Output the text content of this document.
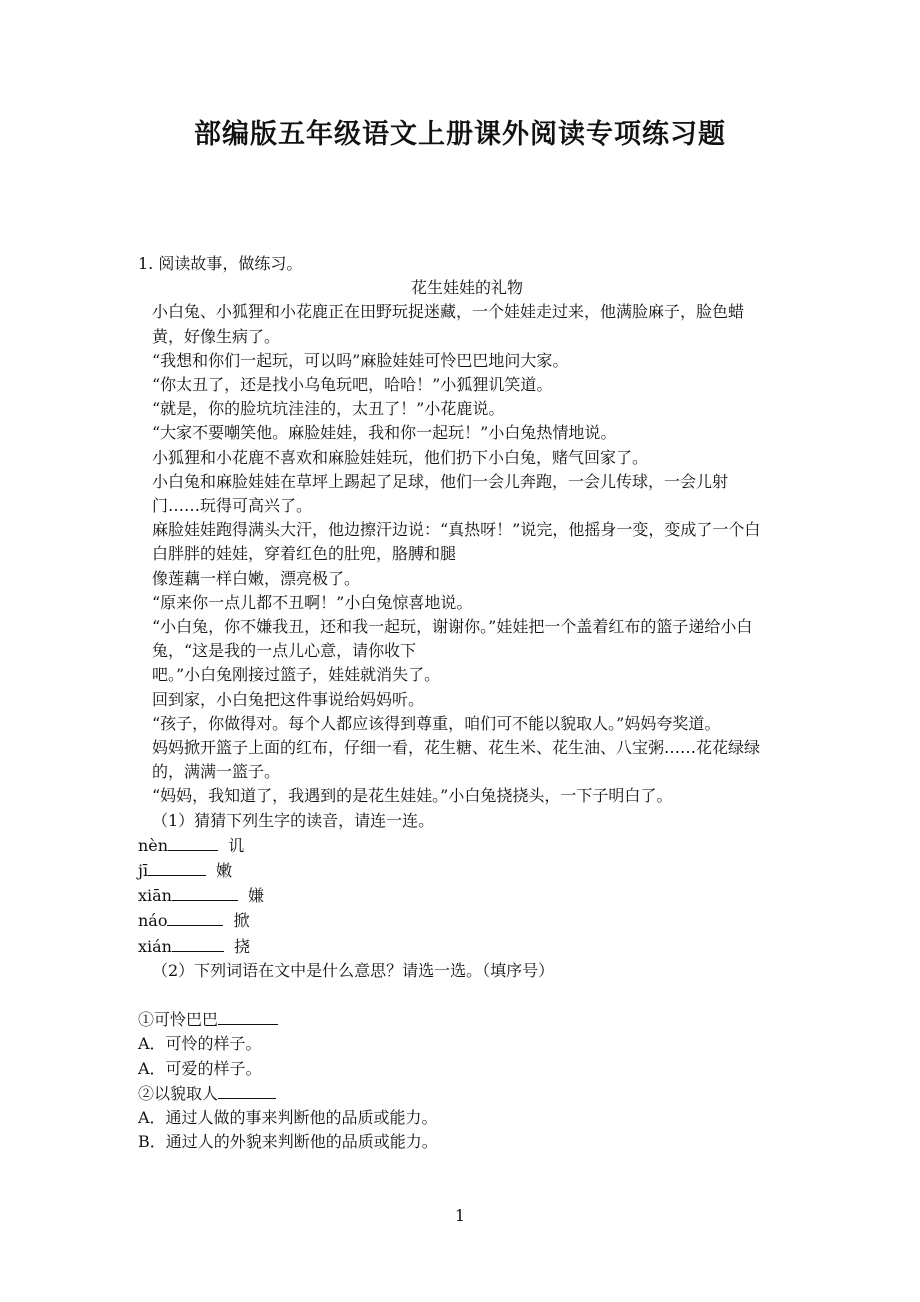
部编版五年级语文上册课外阅读专项练习题

1. 阅读故事，做练习。

花生娃娃的礼物

小白兔、小狐狸和小花鹿正在田野玩捉迷藏，一个娃娃走过来，他满脸麻子，脸色蜡黄，好像生病了。

“我想和你们一起玩，可以吗”麻脸娃娃可怜巴巴地问大家。

“你太丑了，还是找小乌龟玩吧，哈哈！”小狐狸讥笑道。

“就是，你的脸坑坑洼洼的，太丑了！”小花鹿说。

“大家不要嘲笑他。麻脸娃娃，我和你一起玩！”小白兔热情地说。

小狐狸和小花鹿不喜欢和麻脸娃娃玩，他们扔下小白兔，赌气回家了。

小白兔和麻脸娃娃在草坪上踢起了足球，他们一会儿奔跑，一会儿传球，一会儿射门……玩得可高兴了。

麻脸娃娃跑得满头大汗，他边擦汗边说：“真热呀！”说完，他摇身一变，变成了一个白白胖胖的娃娃，穿着红色的肚兜，胳膊和腿

像莲藕一样白嫩，漂亮极了。

“原来你一点儿都不丑啊！”小白兔惊喜地说。

“小白兔，你不嫌我丑，还和我一起玩，谢谢你。”娃娃把一个盖着红布的篮子递给小白兔，“这是我的一点儿心意，请你收下

吧。”小白兔刚接过篮子，娃娃就消失了。

回到家，小白兔把这件事说给妈妈听。

“孩子，你做得对。每个人都应该得到尊重，咱们可不能以貌取人。”妈妈夸奖道。

妈妈掀开篮子上面的红布，仔细一看，花生糖、花生米、花生油、八宝粥……花花绿绿的，满满一篮子。

“妈妈，我知道了，我遇到的是花生娃娃。”小白兔挠挠头，一下子明白了。

（1）猜猜下列生字的读音，请连一连。

nèn	讥

jī	嫩

xiān	嫌

náo	掀

xián	挠

（2）下列词语在文中是什么意思？请选一选。（填序号）

①可怜巴巴

A．可怜的样子。

A．可爱的样子。

②以貌取人

A．通过人做的事来判断他的品质或能力。

B．通过人的外貌来判断他的品质或能力。

1
